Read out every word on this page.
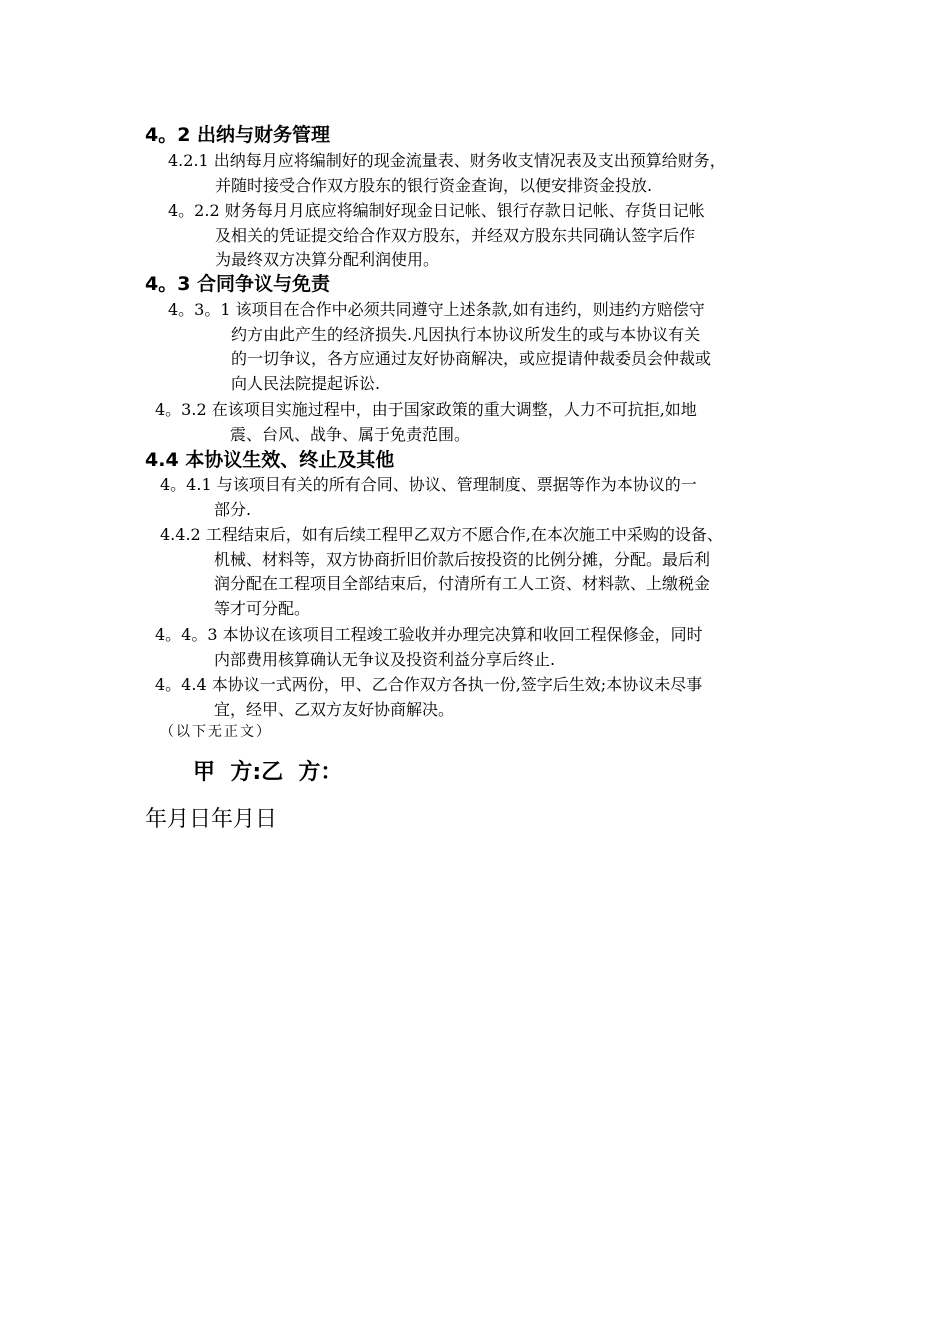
4。2 出纳与财务管理
4.2.1 出纳每月应将编制好的现金流量表、财务收支情况表及支出预算给财务，
并随时接受合作双方股东的银行资金查询，以便安排资金投放.
4。2.2 财务每月月底应将编制好现金日记帐、银行存款日记帐、存货日记帐
及相关的凭证提交给合作双方股东，并经双方股东共同确认签字后作
为最终双方决算分配利润使用。
4。3 合同争议与免责
4。3。1 该项目在合作中必须共同遵守上述条款,如有违约，则违约方赔偿守
约方由此产生的经济损失.凡因执行本协议所发生的或与本协议有关
的一切争议，各方应通过友好协商解决，或应提请仲裁委员会仲裁或
向人民法院提起诉讼.
4。3.2 在该项目实施过程中，由于国家政策的重大调整，人力不可抗拒,如地
震、台风、战争、属于免责范围。
4.4 本协议生效、终止及其他
4。4.1 与该项目有关的所有合同、协议、管理制度、票据等作为本协议的一
部分.
4.4.2 工程结束后，如有后续工程甲乙双方不愿合作,在本次施工中采购的设备、
机械、材料等，双方协商折旧价款后按投资的比例分摊，分配。最后利
润分配在工程项目全部结束后，付清所有工人工资、材料款、上缴税金
等才可分配。
4。4。3 本协议在该项目工程竣工验收并办理完决算和收回工程保修金，同时
内部费用核算确认无争议及投资利益分享后终止.
4。4.4 本协议一式两份，甲、乙合作双方各执一份,签字后生效;本协议未尽事
宜，经甲、乙双方友好协商解决。
（以下无正文）
甲  方:乙  方：
年月日年月日
